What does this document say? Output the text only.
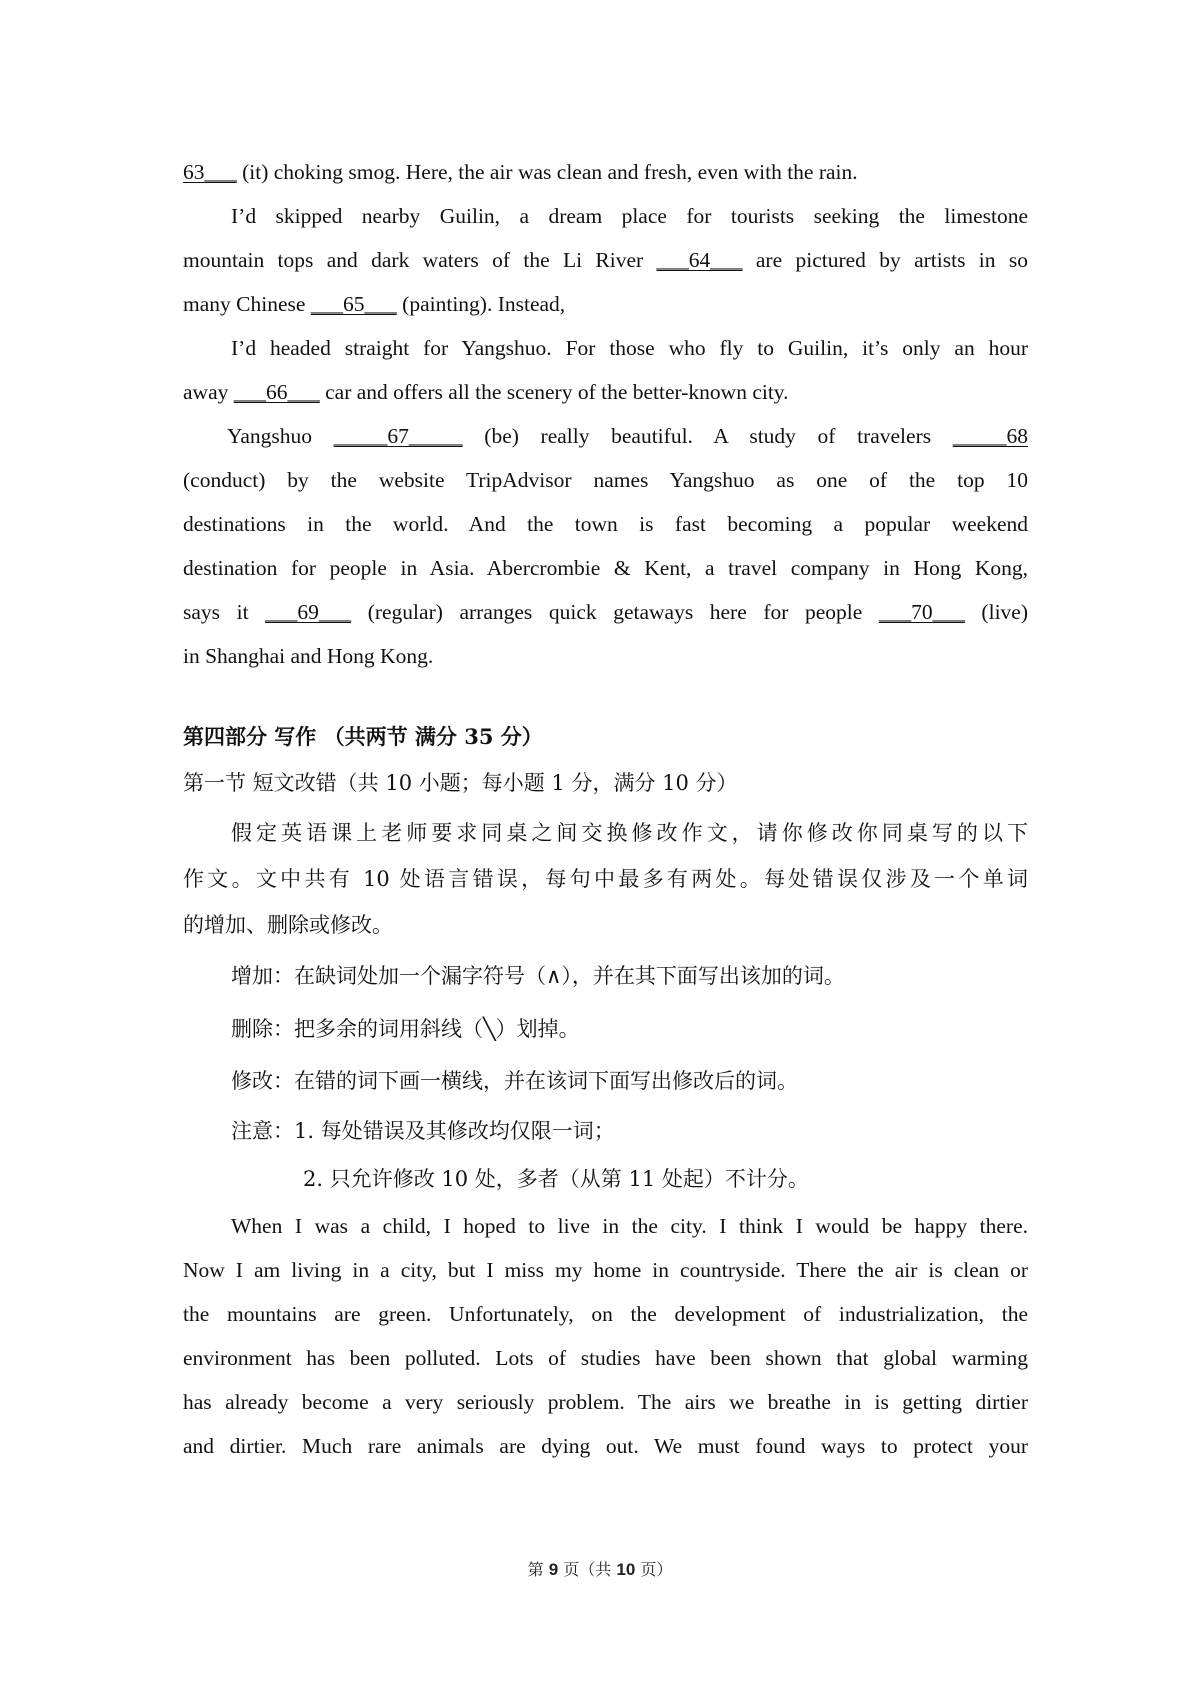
63___ (it) choking smog. Here, the air was clean and fresh, even with the rain.
I’d skipped nearby Guilin, a dream place for tourists seeking the limestone
mountain tops and dark waters of the Li River ___64___ are pictured by artists in so
many Chinese ___65___ (painting). Instead,
I’d headed straight for Yangshuo. For those who fly to Guilin, it’s only an hour
away ___66___ car and offers all the scenery of the better-known city.
Yangshuo _____67_____ (be) really beautiful. A study of travelers _____68
(conduct) by the website TripAdvisor names Yangshuo as one of the top 10
destinations in the world. And the town is fast becoming a popular weekend
destination for people in Asia. Abercrombie & Kent, a travel company in Hong Kong,
says it ___69___ (regular) arranges quick getaways here for people ___70___ (live)
in Shanghai and Hong Kong.
第四部分 写作 （共两节 满分 35 分）
第一节 短文改错（共 10 小题；每小题 1 分，满分 10 分）
假定英语课上老师要求同桌之间交换修改作文，请你修改你同桌写的以下
作文。文中共有 10 处语言错误，每句中最多有两处。每处错误仅涉及一个单词
的增加、删除或修改。
增加：在缺词处加一个漏字符号（∧），并在其下面写出该加的词。
删除：把多余的词用斜线（╲）划掉。
修改：在错的词下画一横线，并在该词下面写出修改后的词。
注意：1. 每处错误及其修改均仅限一词；
2. 只允许修改 10 处，多者（从第 11 处起）不计分。
When I was a child, I hoped to live in the city. I think I would be happy there.
Now I am living in a city, but I miss my home in countryside. There the air is clean or
the mountains are green. Unfortunately, on the development of industrialization, the
environment has been polluted. Lots of studies have been shown that global warming
has already become a very seriously problem. The airs we breathe in is getting dirtier
and dirtier. Much rare animals are dying out. We must found ways to protect your
第 9 页（共 10 页）
